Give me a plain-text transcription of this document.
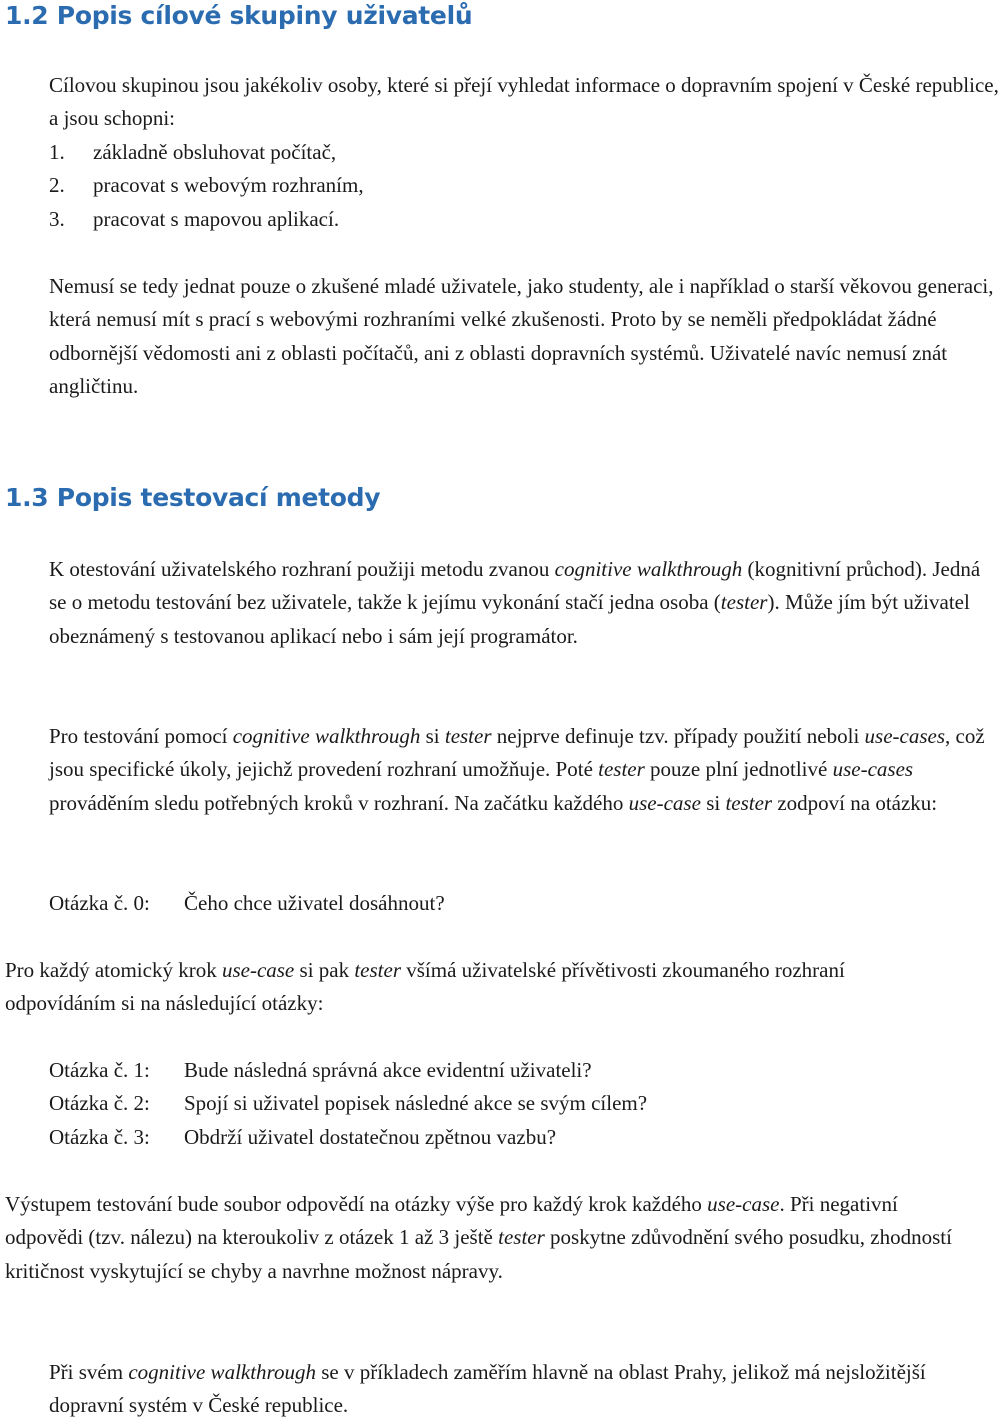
1.2 Popis cílové skupiny uživatelů

Cílovou skupinou jsou jakékoliv osoby, které si přejí vyhledat informace o dopravním spojení v České republice, a jsou schopni:

1. základně obsluhovat počítač,
2. pracovat s webovým rozhraním,
3. pracovat s mapovou aplikací.

Nemusí se tedy jednat pouze o zkušené mladé uživatele, jako studenty, ale i například o starší věkovou generaci, která nemusí mít s prací s webovými rozhraními velké zkušenosti. Proto by se neměli předpokládat žádné odbornější vědomosti ani z oblasti počítačů, ani z oblasti dopravních systémů. Uživatelé navíc nemusí znát angličtinu.

1.3 Popis testovací metody

K otestování uživatelského rozhraní použiji metodu zvanou cognitive walkthrough (kognitivní průchod). Jedná se o metodu testování bez uživatele, takže k jejímu vykonání stačí jedna osoba (tester). Může jím být uživatel obeznámený s testovanou aplikací nebo i sám její programátor.

Pro testování pomocí cognitive walkthrough si tester nejprve definuje tzv. případy použití neboli use-cases, což jsou specifické úkoly, jejichž provedení rozhraní umožňuje. Poté tester pouze plní jednotlivé use-cases prováděním sledu potřebných kroků v rozhraní. Na začátku každého use-case si tester zodpoví na otázku:

Otázka č. 0: Čeho chce uživatel dosáhnout?

Pro každý atomický krok use-case si pak tester všímá uživatelské přívětivosti zkoumaného rozhraní odpovídáním si na následující otázky:

Otázka č. 1: Bude následná správná akce evidentní uživateli?
Otázka č. 2: Spojí si uživatel popisek následné akce se svým cílem?
Otázka č. 3: Obdrží uživatel dostatečnou zpětnou vazbu?

Výstupem testování bude soubor odpovědí na otázky výše pro každý krok každého use-case. Při negativní odpovědi (tzv. nálezu) na kteroukoliv z otázek 1 až 3 ještě tester poskytne zdůvodnění svého posudku, zhodností kritičnost vyskytující se chyby a navrhne možnost nápravy.

Při svém cognitive walkthrough se v příkladech zaměřím hlavně na oblast Prahy, jelikož má nejsložitější dopravní systém v České republice.
